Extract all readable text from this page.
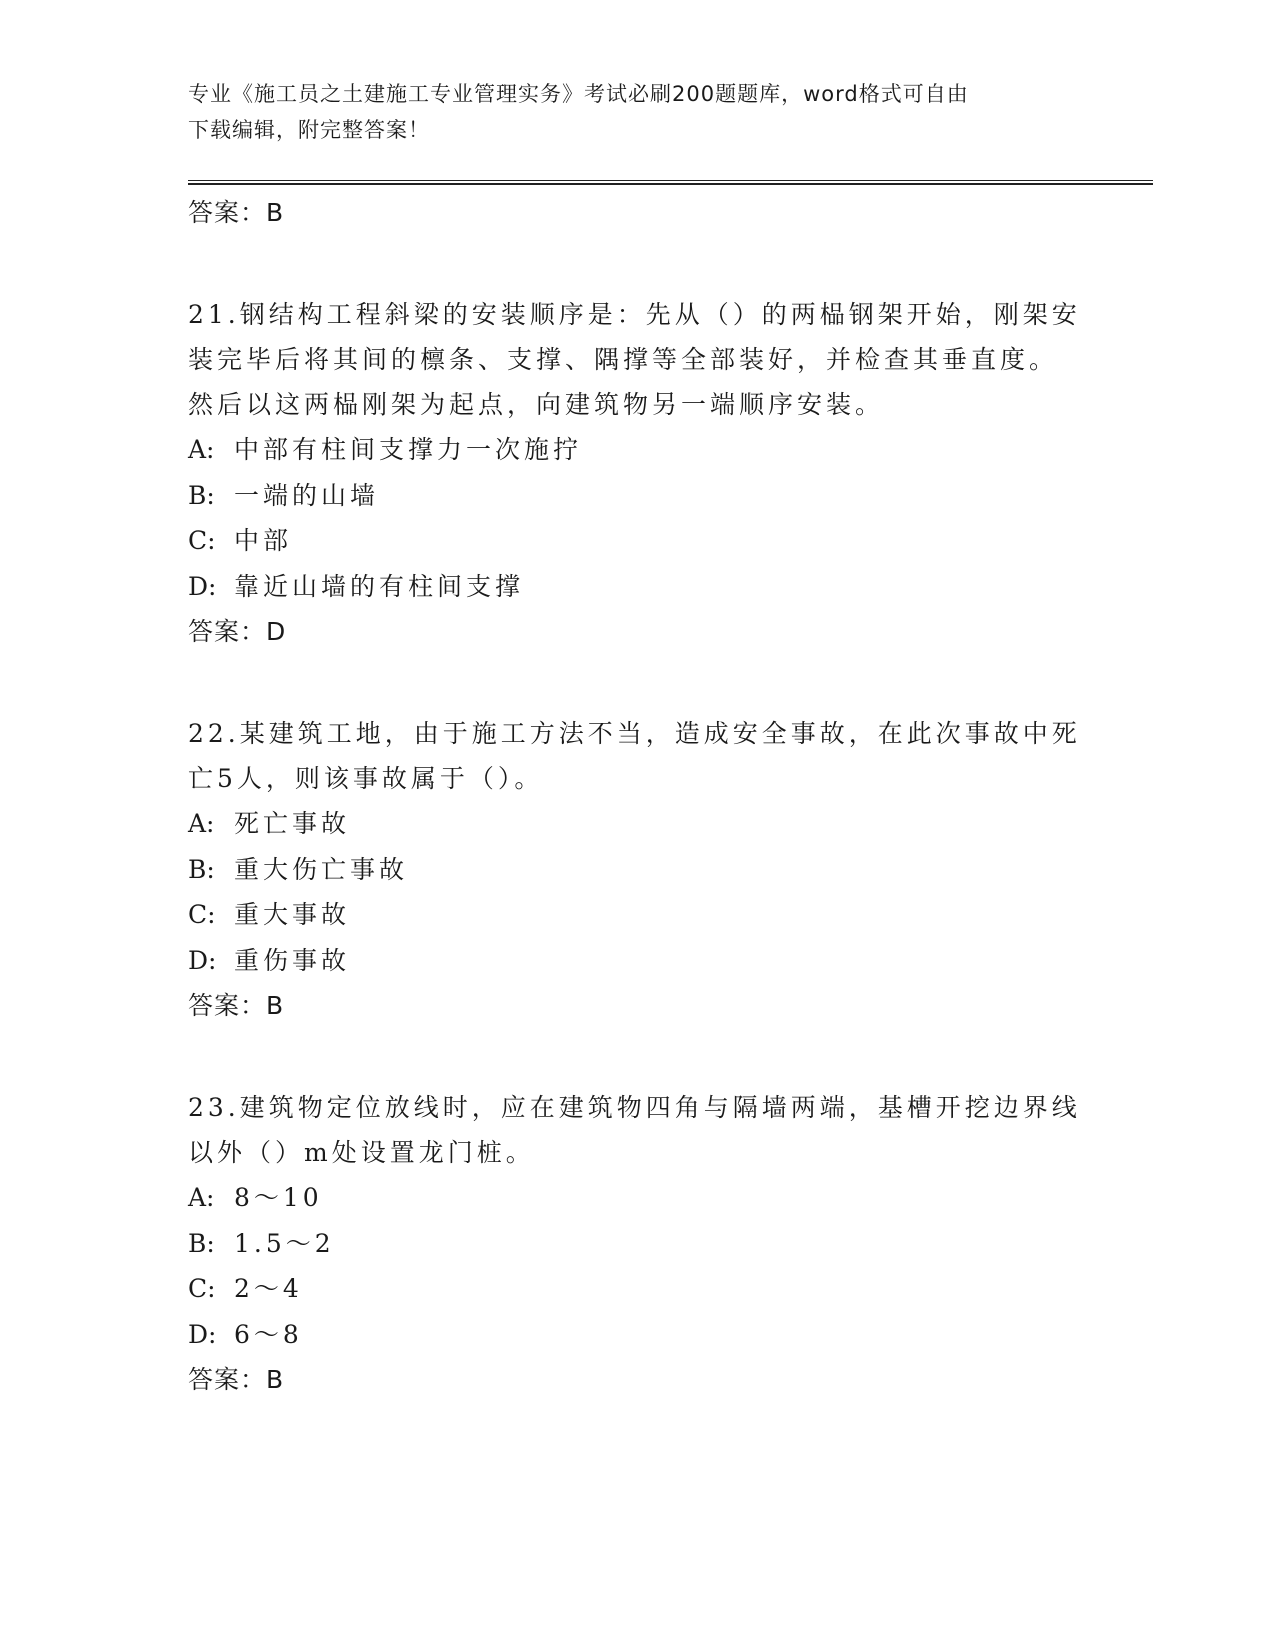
专业《施工员之土建施工专业管理实务》考试必刷200题题库，word格式可自由
下载编辑，附完整答案！
答案：B
21.钢结构工程斜梁的安装顺序是：先从（）的两榀钢架开始，刚架安
装完毕后将其间的檩条、支撑、隅撑等全部装好，并检查其垂直度。
然后以这两榀刚架为起点，向建筑物另一端顺序安装。
A: 中部有柱间支撑力一次施拧
B: 一端的山墙
C: 中部
D: 靠近山墙的有柱间支撑
答案：D
22.某建筑工地，由于施工方法不当，造成安全事故，在此次事故中死
亡5人，则该事故属于（）。
A: 死亡事故
B: 重大伤亡事故
C: 重大事故
D: 重伤事故
答案：B
23.建筑物定位放线时，应在建筑物四角与隔墙两端，基槽开挖边界线
以外（）m处设置龙门桩。
A: 8～10
B: 1.5～2
C: 2～4
D: 6～8
答案：B
